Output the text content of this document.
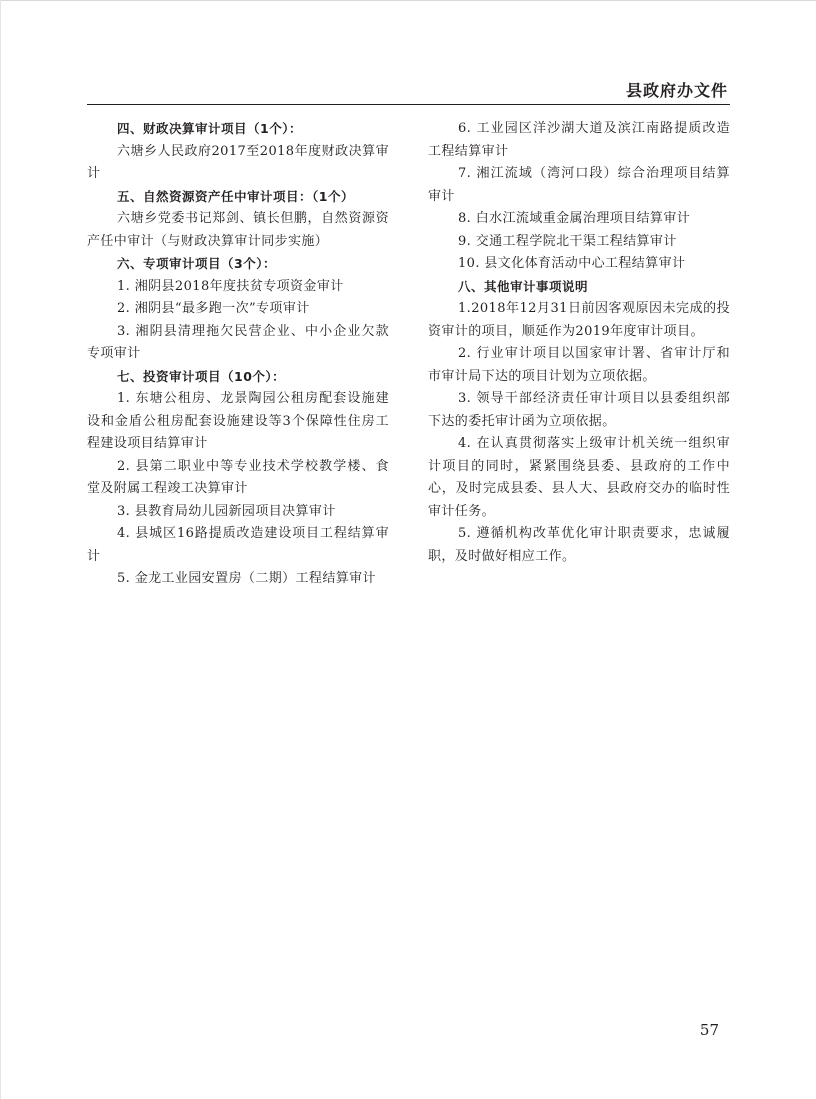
县政府办文件

四、财政决算审计项目（1个）：

六塘乡人民政府2017至2018年度财政决算审计

五、自然资源资产任中审计项目：（1个）

六塘乡党委书记郑剑、镇长但鹏，自然资源资产任中审计（与财政决算审计同步实施）

六、专项审计项目（3个）：

1. 湘阴县2018年度扶贫专项资金审计

2. 湘阴县“最多跑一次”专项审计

3. 湘阴县清理拖欠民营企业、中小企业欠款专项审计

七、投资审计项目（10个）：

1. 东塘公租房、龙景陶园公租房配套设施建设和金盾公租房配套设施建设等3个保障性住房工程建设项目结算审计

2. 县第二职业中等专业技术学校教学楼、食堂及附属工程竣工决算审计

3. 县教育局幼儿园新园项目决算审计

4. 县城区16路提质改造建设项目工程结算审计

5. 金龙工业园安置房（二期）工程结算审计

6. 工业园区洋沙湖大道及滨江南路提质改造工程结算审计

7. 湘江流域（湾河口段）综合治理项目结算审计

8. 白水江流域重金属治理项目结算审计

9. 交通工程学院北干渠工程结算审计

10. 县文化体育活动中心工程结算审计

八、其他审计事项说明

1.2018年12月31日前因客观原因未完成的投资审计的项目，顺延作为2019年度审计项目。

2. 行业审计项目以国家审计署、省审计厅和市审计局下达的项目计划为立项依据。

3. 领导干部经济责任审计项目以县委组织部下达的委托审计函为立项依据。

4. 在认真贯彻落实上级审计机关统一组织审计项目的同时，紧紧围绕县委、县政府的工作中心，及时完成县委、县人大、县政府交办的临时性审计任务。

5. 遵循机构改革优化审计职责要求，忠诚履职，及时做好相应工作。

57
